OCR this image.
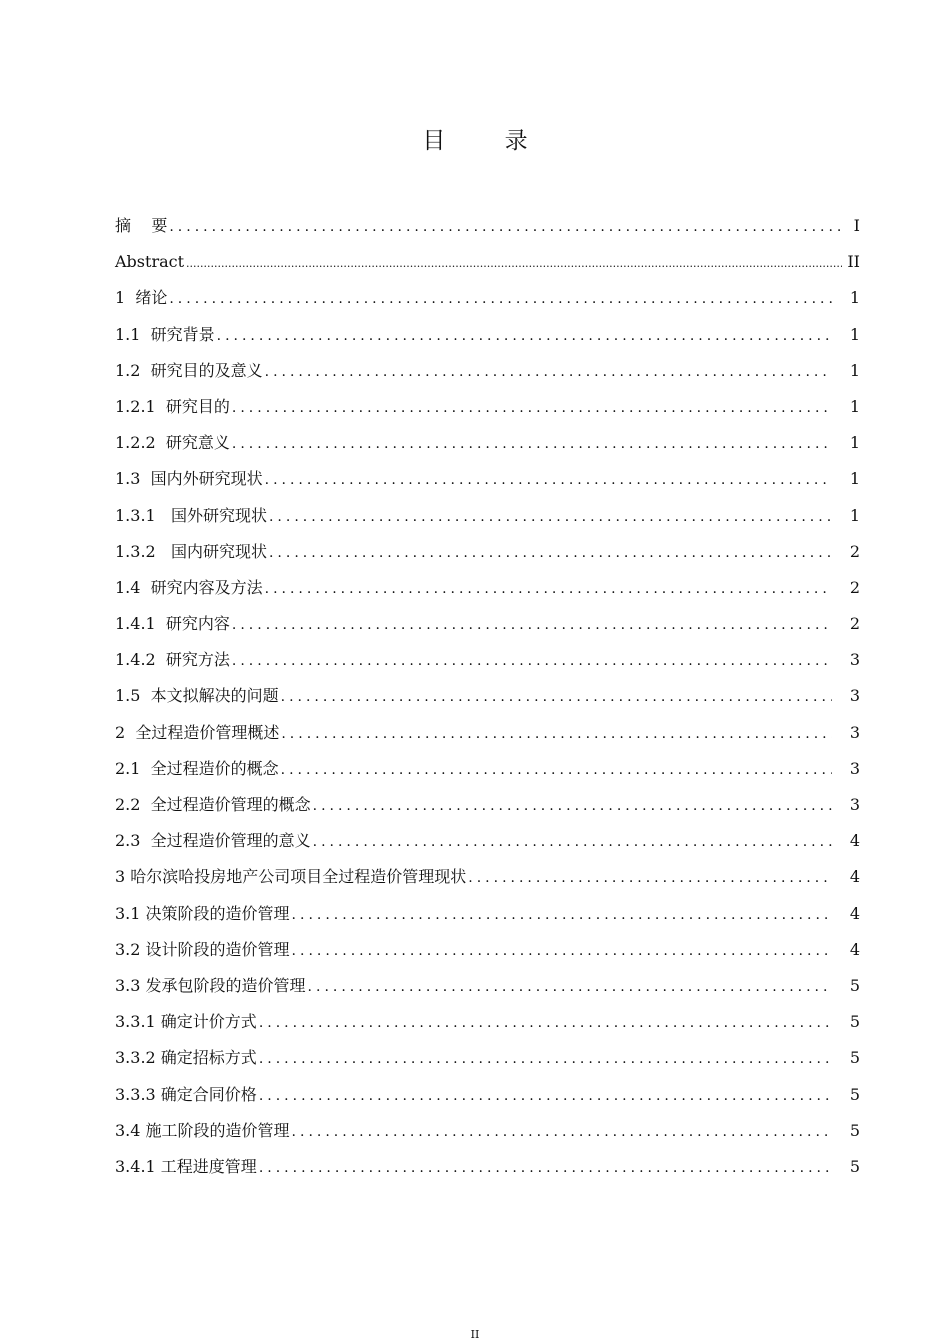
目 录
摘    要 .....	I
Abstract .....	II
1  绪论 .....	1
1.1  研究背景 .....	1
1.2  研究目的及意义 .....	1
1.2.1  研究目的 .....	1
1.2.2  研究意义 .....	1
1.3  国内外研究现状 .....	1
1.3.1   国外研究现状 .....	1
1.3.2   国内研究现状 .....	2
1.4  研究内容及方法 .....	2
1.4.1  研究内容 .....	2
1.4.2  研究方法 .....	3
1.5  本文拟解决的问题 .....	3
2  全过程造价管理概述 .....	3
2.1  全过程造价的概念 .....	3
2.2  全过程造价管理的概念 .....	3
2.3  全过程造价管理的意义 .....	4
3 哈尔滨哈投房地产公司项目全过程造价管理现状 .....	4
3.1 决策阶段的造价管理 .....	4
3.2 设计阶段的造价管理 .....	4
3.3 发承包阶段的造价管理 .....	5
3.3.1 确定计价方式 .....	5
3.3.2 确定招标方式 .....	5
3.3.3 确定合同价格 .....	5
3.4 施工阶段的造价管理 .....	5
3.4.1 工程进度管理 .....	5
II
